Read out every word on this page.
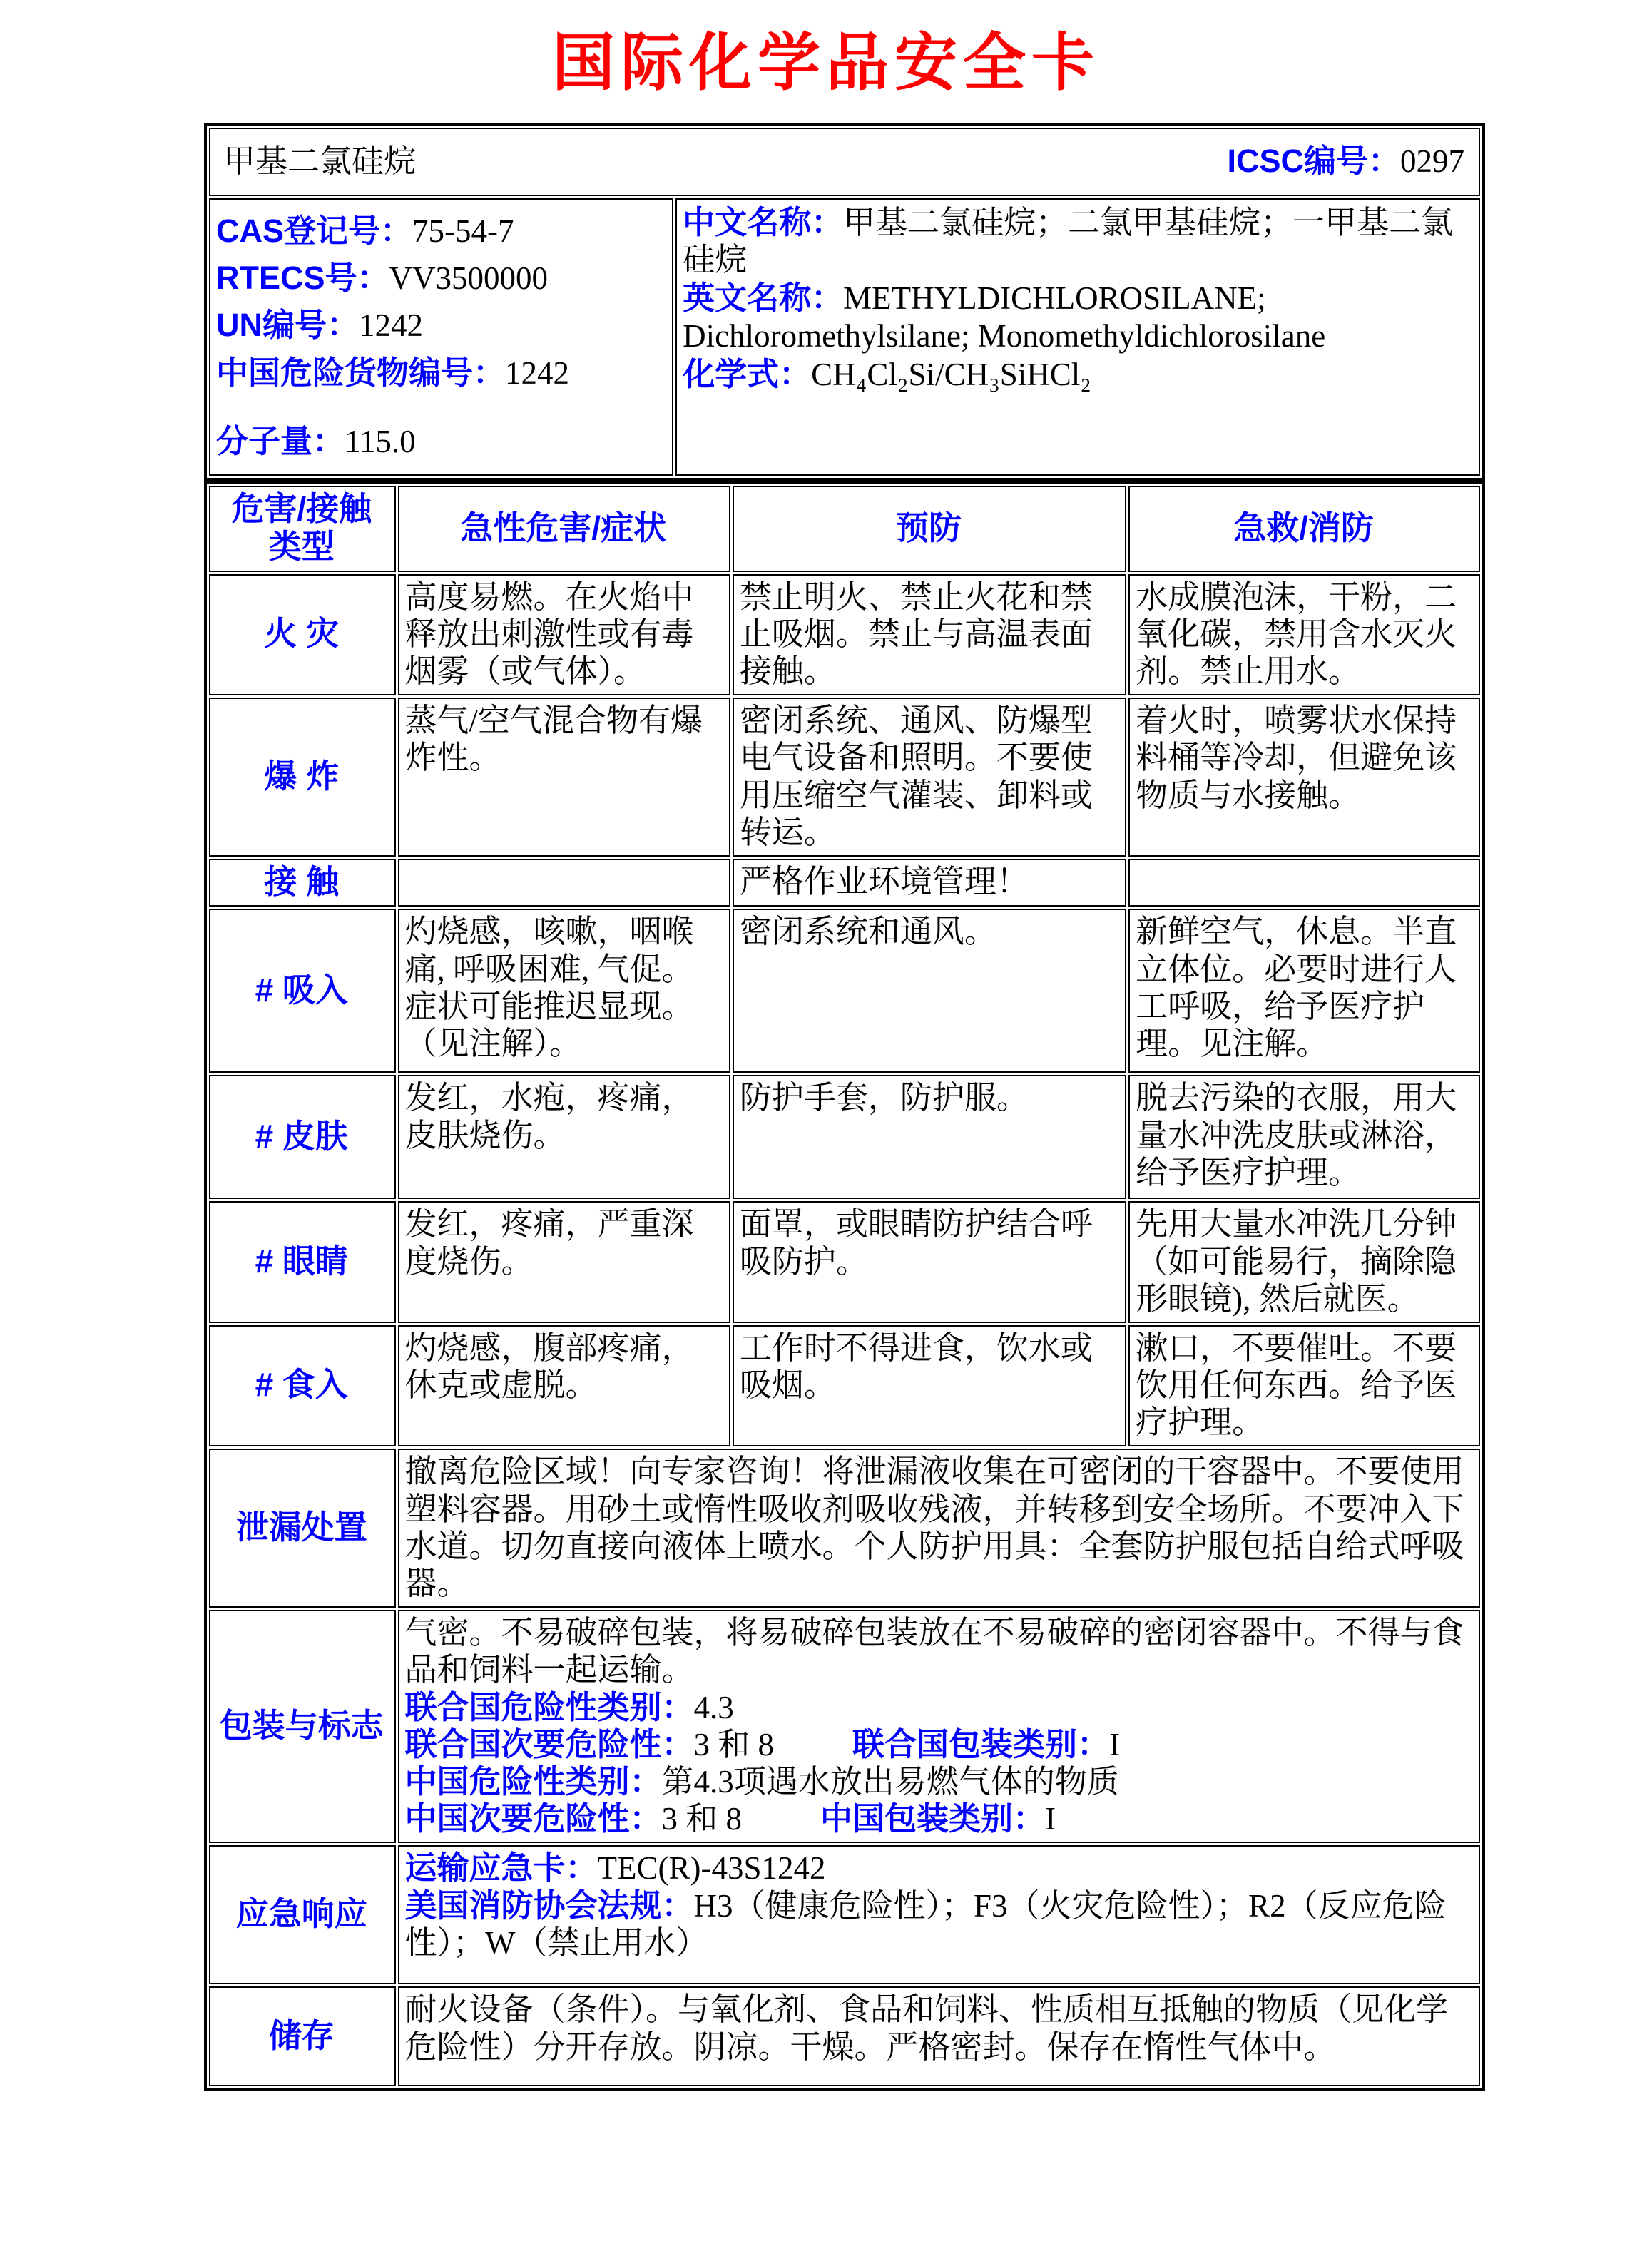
国际化学品安全卡
甲基二氯硅烷	ICSC编号：0297

CAS登记号：75-54-7
RTECS号：VV3500000
UN编号：1242
中国危险货物编号：1242
分子量：115.0

中文名称：甲基二氯硅烷；二氯甲基硅烷；一甲基二氯硅烷
英文名称：METHYLDICHLOROSILANE; Dichloromethylsilane; Monomethyldichlorosilane
化学式：CH₄Cl₂Si/CH₃SiHCl₂
危害/接触
类型	急性危害/症状	预防	急救/消防
火 灾	高度易燃。在火焰中释放出刺激性或有毒烟雾（或气体）。	禁止明火、禁止火花和禁止吸烟。禁止与高温表面接触。	水成膜泡沫，干粉，二氧化碳，禁用含水灭火剂。禁止用水。
爆 炸	蒸气/空气混合物有爆炸性。	密闭系统、通风、防爆型电气设备和照明。不要使用压缩空气灌装、卸料或转运。	着火时，喷雾状水保持料桶等冷却，但避免该物质与水接触。
接 触		严格作业环境管理！	
# 吸入	灼烧感，咳嗽，咽喉痛, 呼吸困难, 气促。症状可能推迟显现。（见注解）。	密闭系统和通风。	新鲜空气，休息。半直立体位。必要时进行人工呼吸，给予医疗护理。见注解。
# 皮肤	发红，水疱，疼痛，皮肤烧伤。	防护手套，防护服。	脱去污染的衣服，用大量水冲洗皮肤或淋浴，给予医疗护理。
# 眼睛	发红，疼痛，严重深度烧伤。	面罩，或眼睛防护结合呼吸防护。	先用大量水冲洗几分钟（如可能易行，摘除隐形眼镜), 然后就医。
# 食入	灼烧感，腹部疼痛，休克或虚脱。	工作时不得进食，饮水或吸烟。	漱口，不要催吐。不要饮用任何东西。给予医疗护理。
泄漏处置	撤离危险区域！向专家咨询！将泄漏液收集在可密闭的干容器中。不要使用塑料容器。用砂土或惰性吸收剂吸收残液，并转移到安全场所。不要冲入下水道。切勿直接向液体上喷水。个人防护用具：全套防护服包括自给式呼吸器。		
包装与标志	气密。不易破碎包装，将易破碎包装放在不易破碎的密闭容器中。不得与食品和饲料一起运输。
联合国危险性类别：4.3
联合国次要危险性：3 和 8 联合国包装类别：I
中国危险性类别：第4.3项遇水放出易燃气体的物质
中国次要危险性：3 和 8 中国包装类别：I		

应急响应	运输应急卡：TEC(R)-43S1242
美国消防协会法规：H3（健康危险性）；F3（火灾危险性）；R2（反应危险性）；W（禁止用水）		

储存	耐火设备（条件）。与氧化剂、食品和饲料、性质相互抵触的物质（见化学危险性）分开存放。阴凉。干燥。严格密封。保存在惰性气体中。		
